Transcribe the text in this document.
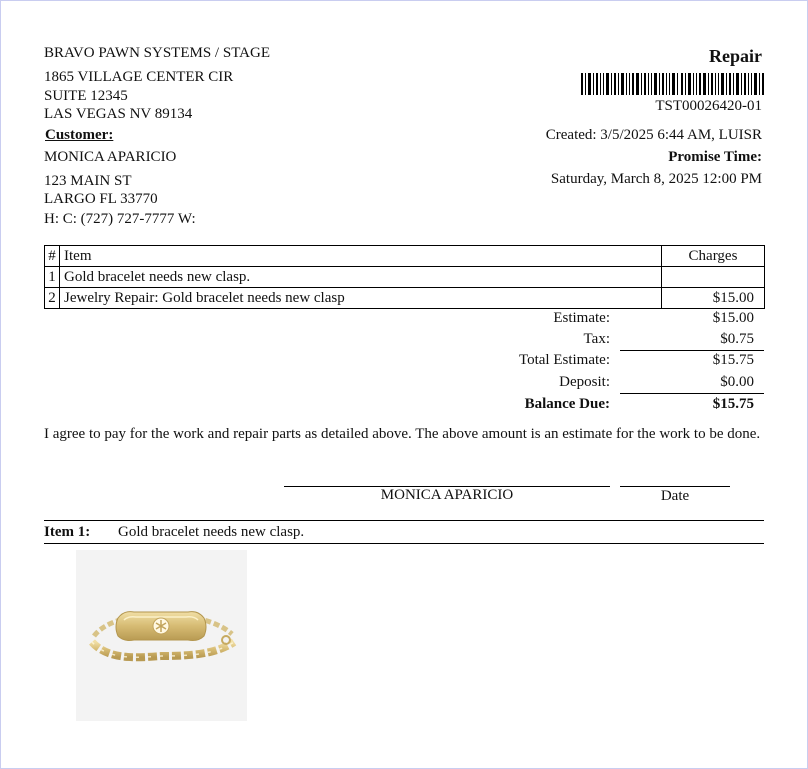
BRAVO PAWN SYSTEMS / STAGE
1865 VILLAGE CENTER CIR
SUITE 12345
LAS VEGAS NV 89134
Repair
TST00026420-01
Created: 3/5/2025 6:44 AM, LUISR
Promise Time:
Saturday, March 8, 2025 12:00 PM
Customer:
MONICA APARICIO
123 MAIN ST
LARGO FL 33770
H: C: (727) 727-7777 W:
#	Item	Charges
1	Gold bracelet needs new clasp.	
2	Jewelry Repair: Gold bracelet needs new clasp	$15.00
Estimate:	$15.00
Tax:	$0.75
Total Estimate:	$15.75
Deposit:	$0.00
Balance Due:	$15.75
I agree to pay for the work and repair parts as detailed above. The above amount is an estimate for the work to be done.
MONICA APARICIO	Date
Item 1: Gold bracelet needs new clasp.
